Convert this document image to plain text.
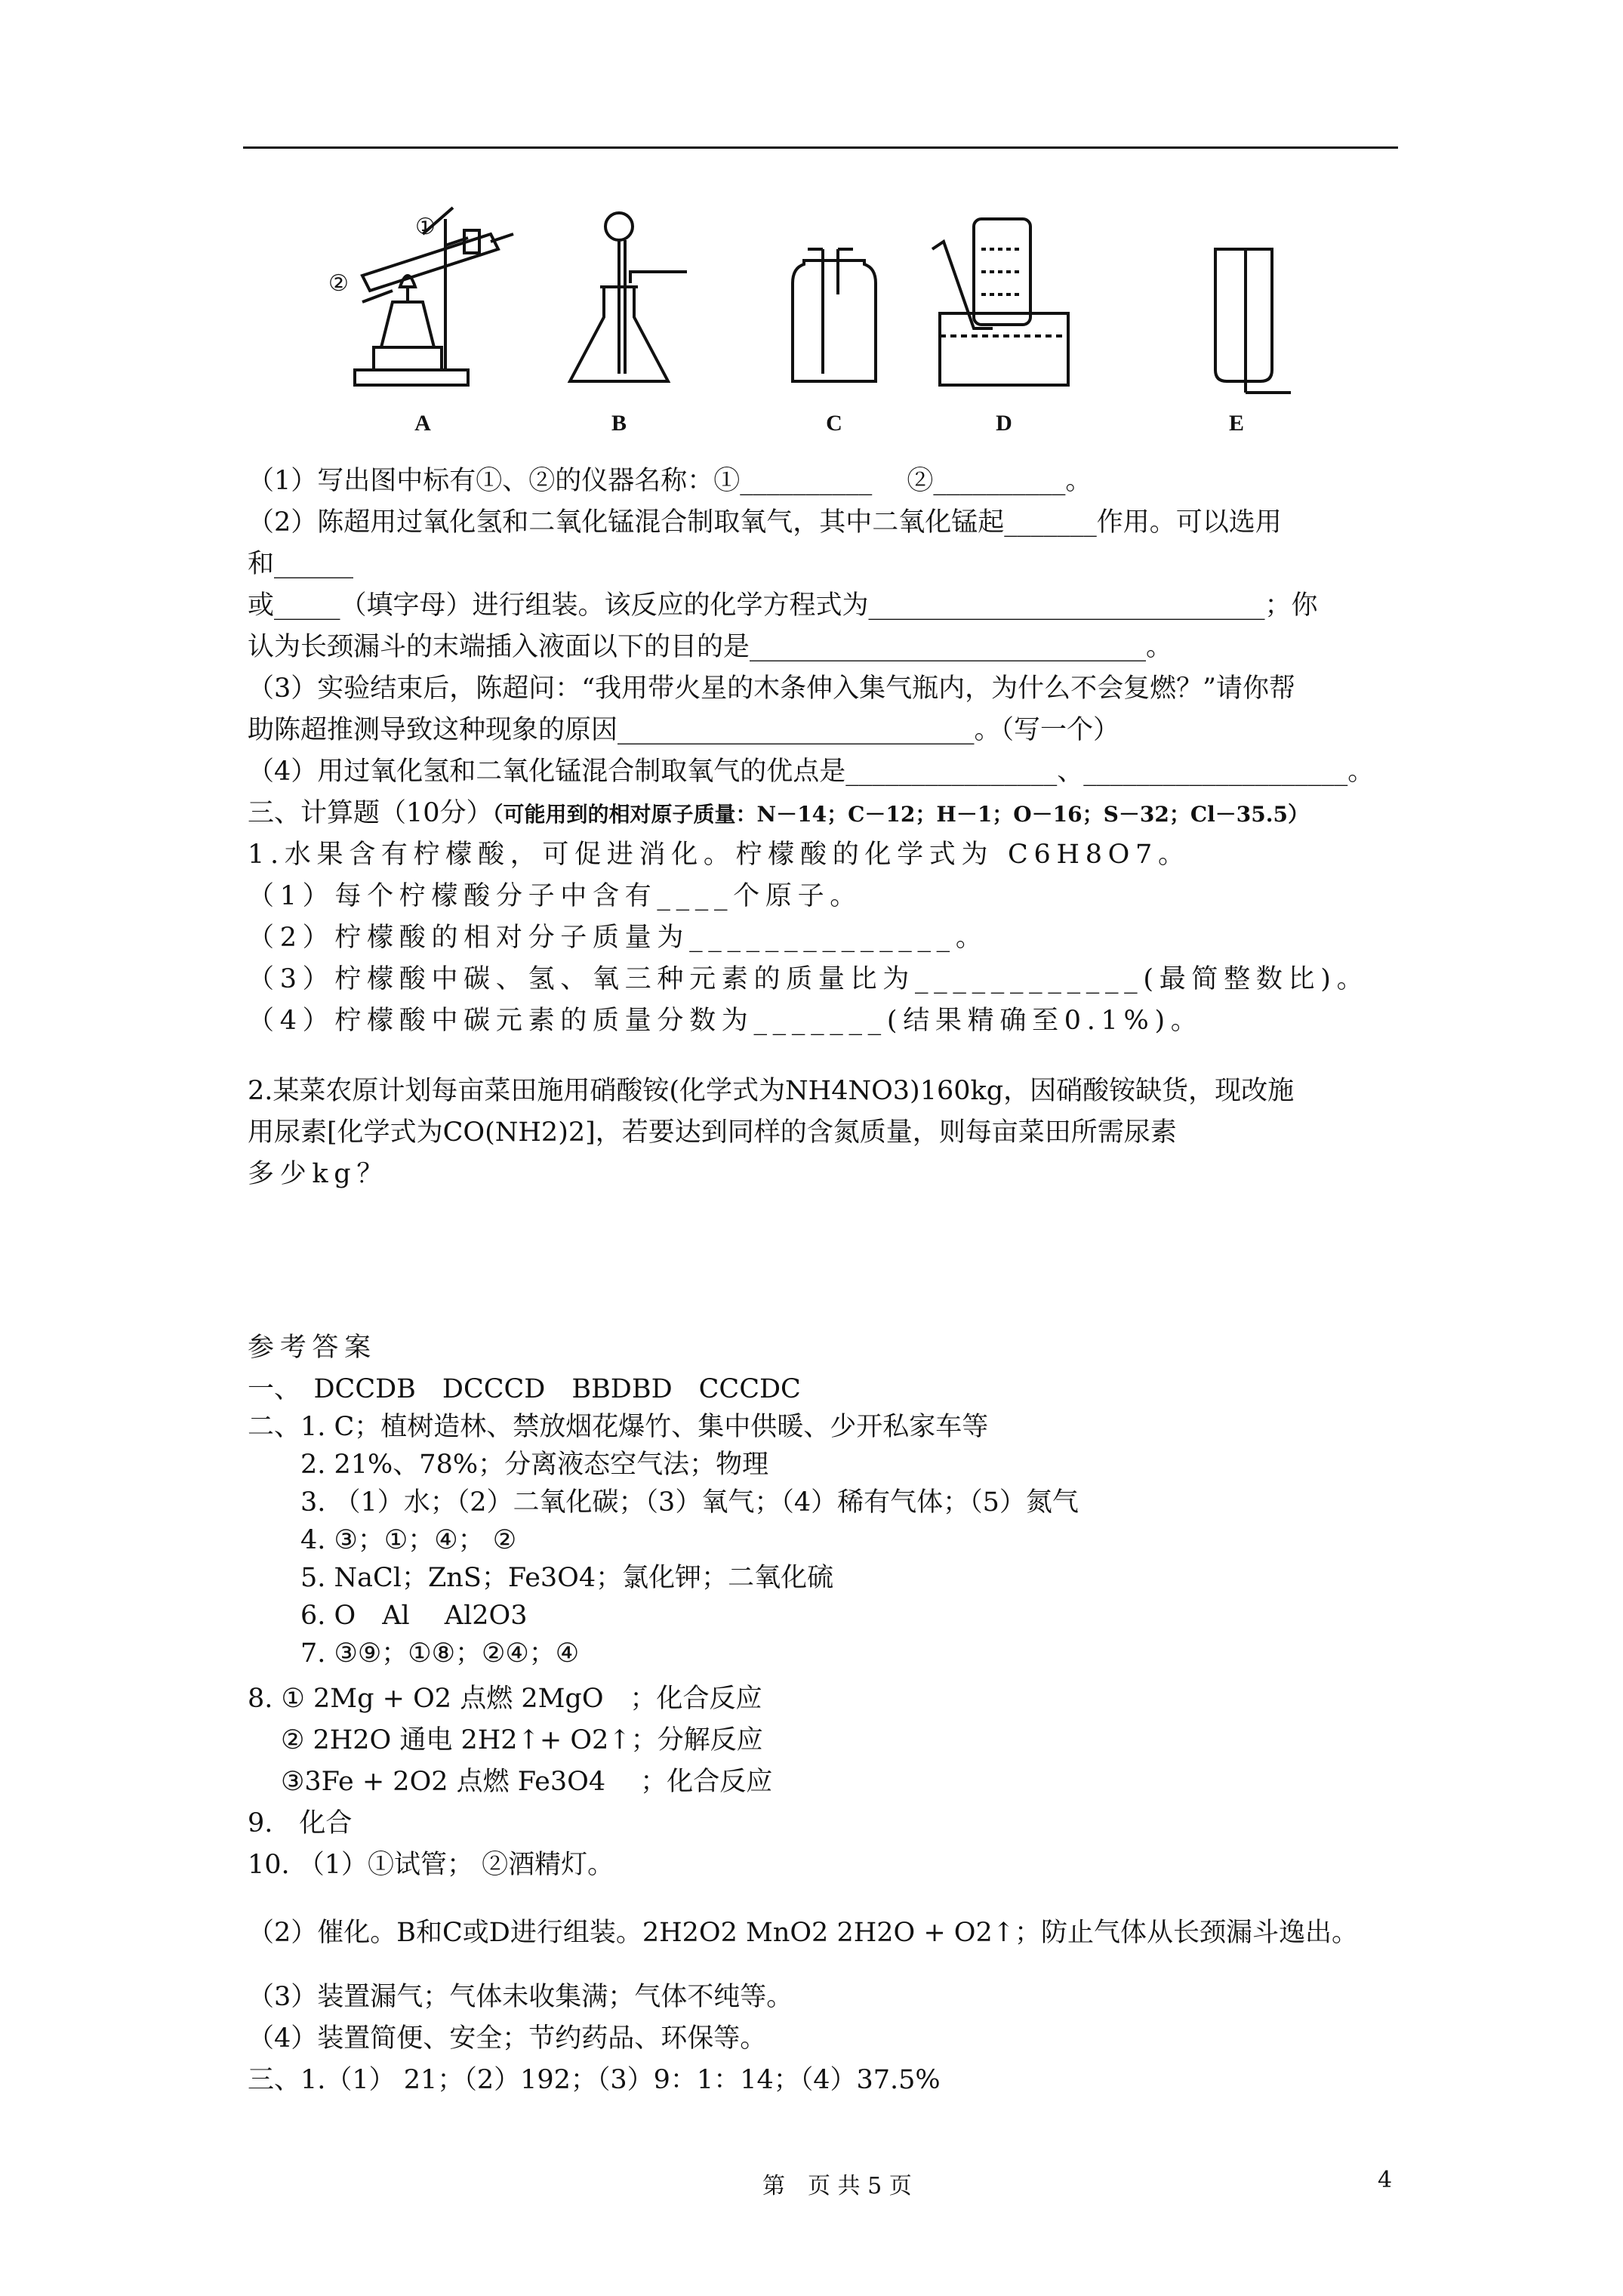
A	B	C	D	E
①
②
（1）写出图中标有①、②的仪器名称：①__________　 ②__________。
（2）陈超用过氧化氢和二氧化锰混合制取氧气，其中二氧化锰起_______作用。可以选用
和______
或_____（填字母）进行组装。该反应的化学方程式为______________________________；你
认为长颈漏斗的末端插入液面以下的目的是______________________________。
（3）实验结束后，陈超问：“我用带火星的木条伸入集气瓶内，为什么不会复燃？”请你帮
助陈超推测导致这种现象的原因___________________________。（写一个）
（4）用过氧化氢和二氧化锰混合制取氧气的优点是________________、____________________。
三、计算题（10分）（可能用到的相对原子质量：N－14；C－12；H－1；O－16；S－32；Cl－35.5）
1.水果含有柠檬酸，可促进消化。柠檬酸的化学式为 C6H8O7。
（1）每个柠檬酸分子中含有____个原子。
（2）柠檬酸的相对分子质量为______________。
（3）柠檬酸中碳、氢、氧三种元素的质量比为____________(最简整数比)。
（4）柠檬酸中碳元素的质量分数为_______(结果精确至0.1%)。
2.某菜农原计划每亩菜田施用硝酸铵(化学式为NH4NO3)160kg，因硝酸铵缺货，现改施
用尿素[化学式为CO(NH2)2]，若要达到同样的含氮质量，则每亩菜田所需尿素
多少kg？
参考答案
一、　DCCDB　DCCCD　BBDBD　CCCDC
二、1. C；植树造林、禁放烟花爆竹、集中供暖、少开私家车等
2. 21%、78%；分离液态空气法；物理
3. （1）水；（2）二氧化碳；（3）氧气；（4）稀有气体；（5）氮气
4. ③；①；④； ②
5. NaCl；ZnS；Fe3O4；氯化钾；二氧化硫
6. O　Al　 Al2O3
7. ③⑨；①⑧；②④；④
8. ① 2Mg + O2 点燃 2MgO　；化合反应
② 2H2O 通电 2H2↑+ O2↑；分解反应
③3Fe + 2O2 点燃 Fe3O4　 ；化合反应
9.　化合
10. （1）①试管； ②酒精灯。
（2）催化。B和C或D进行组装。2H2O2 MnO2 2H2O + O2↑；防止气体从长颈漏斗逸出。
（3）装置漏气；气体未收集满；气体不纯等。
（4）装置简便、安全；节约药品、环保等。
三、1.（1） 21；（2）192；（3）9：1：14；（4）37.5%
第　页 共 5 页	4
